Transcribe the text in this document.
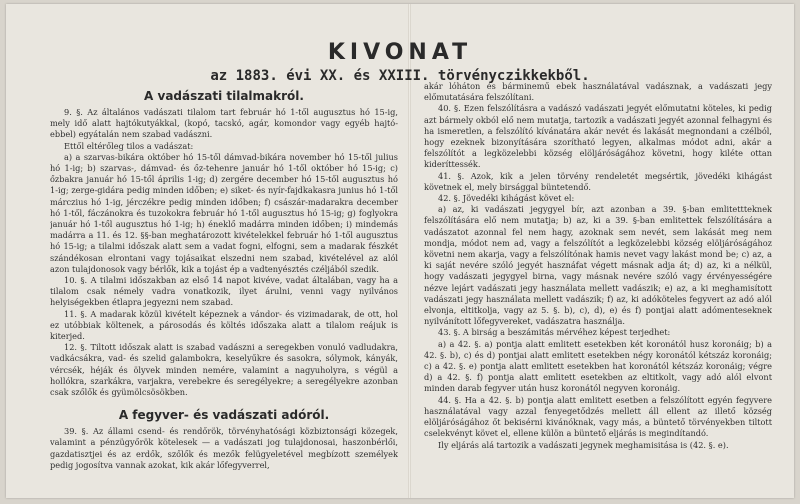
KIVONAT
az 1883. évi XX. és XXIII. törvényczikkekből.
A vadászati tilalmakról.

9. §. Az általános vadászati tilalom tart február hó 1-től augusztus hó 15-ig, mely idő alatt hajtókutyákkal, (kopó, tacskó, agár, komondor vagy egyéb hajtó-ebbel) egyátalán nem szabad vadászni.

Ettől eltérőleg tilos a vadászat:

a) a szarvas-bikára október hó 15-től dámvad-bikára november hó 15-től julius hó 1-ig; b) szarvas-, dámvad- és őz-tehenre január hó 1-től október hó 15-ig; c) őzbakra január hó 15-től április 1-ig; d) zergére december hó 15-től augusztus hó 1-ig; zerge-gidára pedig minden időben; e) siket- és nyír-fajdkakasra junius hó 1-től márczius hó 1-ig, jérczékre pedig minden időben; f) császár-madarakra december hó 1-től, fáczánokra és tuzokokra február hó 1-től augusztus hó 15-ig; g) foglyokra január hó 1-től augusztus hó 1-ig; h) éneklő madárra minden időben; i) mindemás madárra a 11. és 12. §§-ban meghatározott kivételekkel február hó 1-től augusztus hó 15-ig; a tilalmi időszak alatt sem a vadat fogni, elfogni, sem a madarak fészkét szándékosan elrontani vagy tojásaikat elszedni nem szabad, kivételével az alól azon tulajdonosok vagy bérlők, kik a tojást ép a vadtenyésztés czéljából szedik.

10. §. A tilalmi időszakban az első 14 napot kivéve, vadat általában, vagy ha a tilalom csak némely vadra vonatkozik, ilyet árulni, venni vagy nyilvános helyiségekben étlapra jegyezni nem szabad.

11. §. A madarak közül kivételt képeznek a vándor- és vizimadarak, de ott, hol ez utóbbiak költenek, a párosodás és költés időszaka alatt a tilalom reájuk is kiterjed.

12. §. Tiltott időszak alatt is szabad vadászni a seregekben vonuló vadludakra, vadkácsákra, vad- és szelid galambokra, keselyűkre és sasokra, sólymok, kányák, vércsék, héják és ölyvek minden nemére, valamint a nagyuholyra, s végül a hollókra, szarkákra, varjakra, verebekre és seregélyekre; a seregélyekre azonban csak szőlők és gyümölcsösökben.

A fegyver- és vadászati adóról.

39. §. Az állami csend- és rendőrök, törvényhatósági közbiztonsági közegek, valamint a pénzügyőrök kötelesek — a vadászati jog tulajdonosai, haszonbérlői, gazdatisztjei és az erdők, szőlők és mezők felügyeletével megbízott személyek pedig jogosítva vannak azokat, kik akár lőfegyverrel,

akár lóháton és bárminemű ebek használatával vadásznak, a vadászati jegy előmutatására felszólítani.

40. §. Ezen felszólításra a vadászó vadászati jegyét előmutatni köteles, ki pedig azt bármely okból elő nem mutatja, tartozik a vadászati jegyét azonnal felhagyni és ha ismeretlen, a felszólító kívánatára akár nevét és lakását megnondani a czélból, hogy ezeknek bizonyítására szorítható legyen, alkalmas módot adni, akár a felszólítót a legközelebbi község elöljáróságához követni, hogy kiléte ottan kideríttessék.

41. §. Azok, kik a jelen törvény rendeletét megsértik, jövedéki kihágást követnek el, mely birsággal büntetendő.

42. §. Jövedéki kihágást követ el:

a) az, ki vadászati jegygyel bír, azt azonban a 39. §-ban emlitettteknek felszólítására elő nem mutatja; b) az, ki a 39. §-ban emlitettek felszólítására a vadászatot azonnal fel nem hagy, azoknak sem nevét, sem lakását meg nem mondja, módot nem ad, vagy a felszólítót a legközelebbi község elöljáróságához követni nem akarja, vagy a felszólítónak hamis nevet vagy lakást mond be; c) az, a ki saját nevére szóló jegyét hasznáfat végett másnak adja át; d) az, ki a nélkül, hogy vadászati jegygyel birna, vagy másnak nevére szóló vagy érvényességére nézve lejárt vadászati jegy használata mellett vadászik; e) az, a ki meghamisított vadászati jegy használata mellett vadászik; f) az, ki adóköteles fegyvert az adó alól elvonja, eltitkolja, vagy az 5. §. b), c), d), e) és f) pontjai alatt adómenteseknek nyilvánított lőfegyvereket, vadászatra használja.

43. §. A birság a beszámitás mérvéhez képest terjedhet:

a) a 42. §. a) pontja alatt emlitett esetekben két koronától husz koronáig; b) a 42. §. b), c) és d) pontjai alatt emlitett esetekben négy koronától kétszáz koronáig; c) a 42. §. e) pontja alatt emlitett esetekben hat koronától kétszáz koronáig; végre d) a 42. §. f) pontja alatt emlitett esetekben az eltitkolt, vagy adó alól elvont minden darab fegyver után husz koronától negyven koronáig.

44. §. Ha a 42. §. b) pontja alatt emlitett esetben a felszólított egyén fegyvere használatával vagy azzal fenyegetődzés mellett áll ellent az illető község elöljáróságához őt bekisérni kivánóknak, vagy más, a büntető törvényekben tiltott cselekvényt követ el, ellene külön a büntető eljárás is megindítandó.

Ily eljárás alá tartozik a vadászati jegynek meghamisitása is (42. §. e).
